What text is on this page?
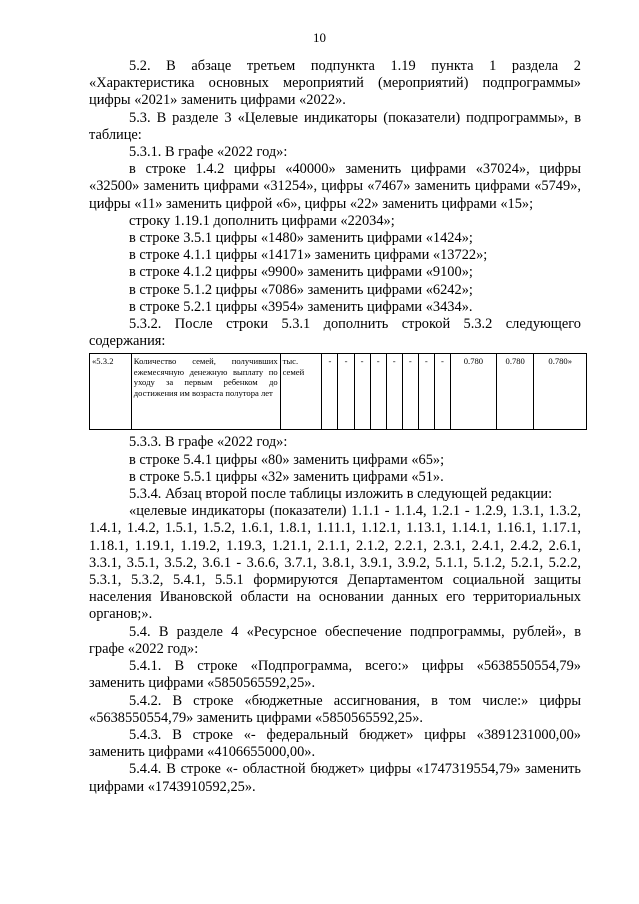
10

5.2. В абзаце третьем подпункта 1.19 пункта 1 раздела 2 «Характеристика основных мероприятий (мероприятий) подпрограммы» цифры «2021» заменить цифрами «2022».

5.3. В разделе 3 «Целевые индикаторы (показатели) подпрограммы», в таблице:

5.3.1. В графе «2022 год»:

в строке 1.4.2 цифры «40000» заменить цифрами «37024», цифры «32500» заменить цифрами «31254», цифры «7467» заменить цифрами «5749», цифры «11» заменить цифрой «6», цифры «22» заменить цифрами «15»;

строку 1.19.1 дополнить цифрами «22034»;

в строке 3.5.1 цифры «1480» заменить цифрами «1424»;

в строке 4.1.1 цифры «14171» заменить цифрами «13722»;

в строке 4.1.2 цифры «9900» заменить цифрами «9100»;

в строке 5.1.2 цифры «7086» заменить цифрами «6242»;

в строке 5.2.1 цифры «3954» заменить цифрами «3434».

5.3.2. После строки 5.3.1 дополнить строкой 5.3.2 следующего

содержания:

«5.3.2	Количество семей, получивших ежемесячную денежную выплату по уходу за первым ребенком до достижения им возраста полутора лет	тыс. семей	-	-	-	-	-	-	-	-	0.780	0.780	0.780»

5.3.3. В графе «2022 год»:

в строке 5.4.1 цифры «80» заменить цифрами «65»;

в строке 5.5.1 цифры «32» заменить цифрами «51».

5.3.4. Абзац второй после таблицы изложить в следующей редакции:

«целевые индикаторы (показатели) 1.1.1 - 1.1.4, 1.2.1 - 1.2.9, 1.3.1, 1.3.2, 1.4.1, 1.4.2, 1.5.1, 1.5.2, 1.6.1, 1.8.1, 1.11.1, 1.12.1, 1.13.1, 1.14.1, 1.16.1, 1.17.1, 1.18.1, 1.19.1, 1.19.2, 1.19.3, 1.21.1, 2.1.1, 2.1.2, 2.2.1, 2.3.1, 2.4.1, 2.4.2, 2.6.1, 3.3.1, 3.5.1, 3.5.2, 3.6.1 - 3.6.6, 3.7.1, 3.8.1, 3.9.1, 3.9.2, 5.1.1, 5.1.2, 5.2.1, 5.2.2, 5.3.1, 5.3.2, 5.4.1, 5.5.1 формируются Департаментом социальной защиты населения Ивановской области на основании данных его территориальных органов;».

5.4. В разделе 4 «Ресурсное обеспечение подпрограммы, рублей», в графе «2022 год»:

5.4.1. В строке «Подпрограмма, всего:» цифры «5638550554,79» заменить цифрами «5850565592,25».

5.4.2. В строке «бюджетные ассигнования, в том числе:» цифры «5638550554,79» заменить цифрами «5850565592,25».

5.4.3. В строке «- федеральный бюджет» цифры «3891231000,00» заменить цифрами «4106655000,00».

5.4.4. В строке «- областной бюджет» цифры «1747319554,79» заменить цифрами «1743910592,25».
